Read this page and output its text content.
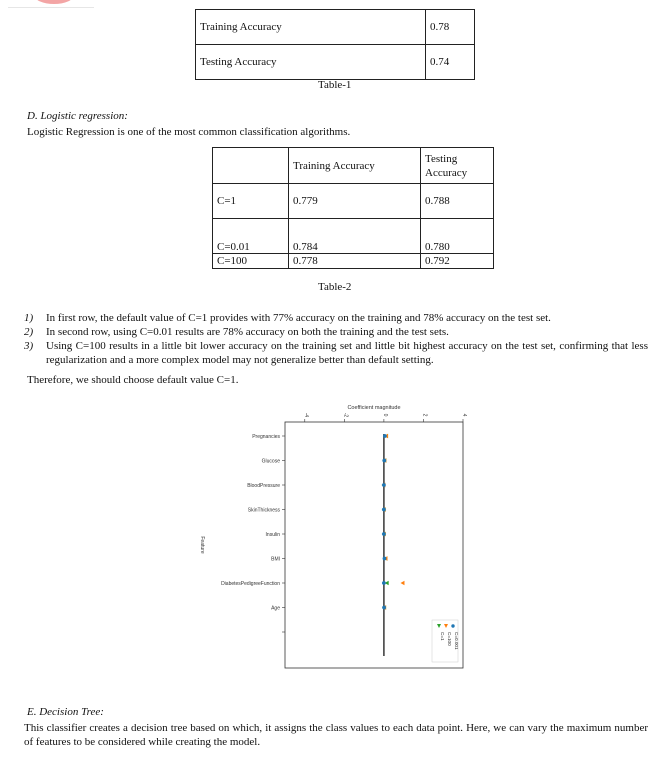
Training Accuracy	0.78
Testing Accuracy	0.74
Table-1
D. Logistic regression:
Logistic Regression is one of the most common classification algorithms.
	Training Accuracy	Testing Accuracy
C=1	0.779	0.788
C=0.01	0.784	0.780
C=100	0.778	0.792
Table-2
1) In first row, the default value of C=1 provides with 77% accuracy on the training and 78% accuracy on the test set.
2) In second row, using C=0.01 results are 78% accuracy on both the training and the test sets.
3) Using C=100 results in a little bit lower accuracy on the training set and little bit highest accuracy on the test set, confirming that less regularization and a more complex model may not generalize better than default setting.
Therefore, we should choose default value C=1.
Coefficient magnitude
-4	-2	0	2	4
Pregnancies
Glucose
BloodPressure
SkinThickness
Insulin
BMI
DiabetesPedigreeFunction
Age
Feature
C=1 C=100 C=0.001
E. Decision Tree:
This classifier creates a decision tree based on which, it assigns the class values to each data point. Here, we can vary the maximum number of features to be considered while creating the model.
